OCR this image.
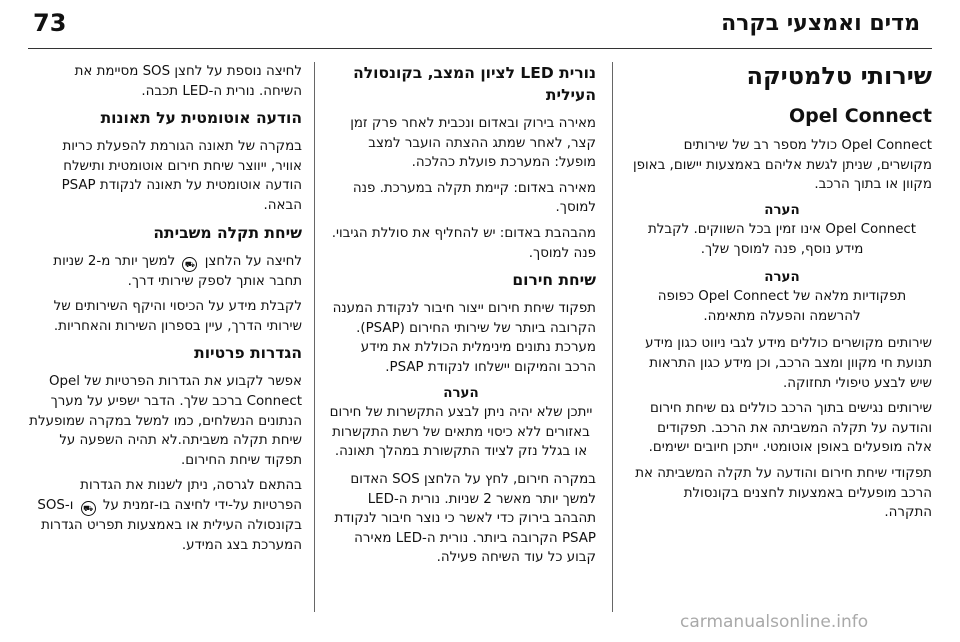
73	מדים ואמצעי בקרה
שירותי טלמטיקה
Opel Connect

Opel Connect כולל מספר רב של שירותים מקושרים, שניתן לגשת אליהם באמצעות יישום, באופן מקוון או בתוך הרכב.

הערה

Opel Connect אינו זמין בכל השווקים. לקבלת מידע נוסף, פנה למוסך שלך.

הערה

תפקודיות מלאה של Opel Connect כפופה להרשמה והפעלה מתאימה.

שירותים מקושרים כוללים מידע לגבי ניווט כגון מידע תנועת חי מקוון ומצב הרכב, וכן מידע כגון התראות שיש לבצע טיפולי תחזוקה.

שירותים נגישים בתוך הרכב כוללים גם שיחת חירום והודעה על תקלה המשביתה את הרכב. תפקודים אלה מופעלים באופן אוטומטי. ייתכן חיובים ישימים.

תפקודי שיחת חירום והודעה על תקלה המשביתה את הרכב מופעלים באמצעות לחצנים בקונסולת התקרה.

נורית LED לציון המצב, בקונסולה העילית

מאירה בירוק ובאדום ונכבית לאחר פרק זמן קצר, לאחר שמתג ההצתה הועבר למצב מופעל: המערכת פועלת כהלכה.

מאירה באדום: קיימת תקלה במערכת. פנה למוסך.

מהבהבת באדום: יש להחליף את סוללת הגיבוי. פנה למוסך.

שיחת חירום

תפקוד שיחת חירום ייצור חיבור לנקודת המענה הקרובה ביותר של שירותי החירום (PSAP). מערכת נתונים מינימלית הכוללת את מידע הרכב והמיקום יישלחו לנקודת PSAP.

הערה

ייתכן שלא יהיה ניתן לבצע התקשרות של חירום באזורים ללא כיסוי מתאים של רשת התקשרות או בגלל נזק לציוד התקשורת במהלך תאונה.

במקרה חירום, לחץ על הלחצן SOS האדום למשך יותר מאשר 2 שניות. נורית ה-LED תהבהב בירוק כדי לאשר כי נוצר חיבור לנקודת PSAP הקרובה ביותר. נורית ה-LED מאירה קבוע כל עוד השיחה פעילה.

לחיצה נוספת על לחצן SOS מסיימת את השיחה. נורית ה-LED תכבה.

הודעה אוטומטית על תאונות

במקרה של תאונה הגורמת להפעלת כריות אוויר, ייווצר שיחת חירום אוטומטית ותישלח הודעה אוטומטית על תאונה לנקודת PSAP הבאה.

שיחת תקלה משביתה

לחיצה על הלחצן ⛟ למשך יותר מ-2 שניות תחבר אותך לספק שירותי דרך.

לקבלת מידע על הכיסוי והיקף השירותים של שירותי הדרך, עיין בספרון השירות והאחריות.

הגדרות פרטיות

אפשר לקבוע את הגדרות הפרטיות של Opel Connect ברכב שלך. הדבר ישפיע על מערך הנתונים הנשלחים, כמו למשל במקרה שמופעלת שיחת תקלה משביתה.לא תהיה השפעה על תפקוד שיחת החירום.

בהתאם לגרסה, ניתן לשנות את הגדרות הפרטיות על-ידי לחיצה בו-זמנית על ⛟ ו-SOS בקונסולה העילית או באמצעות תפריט הגדרות המערכת בצג המידע.

carmanualsonline.info
